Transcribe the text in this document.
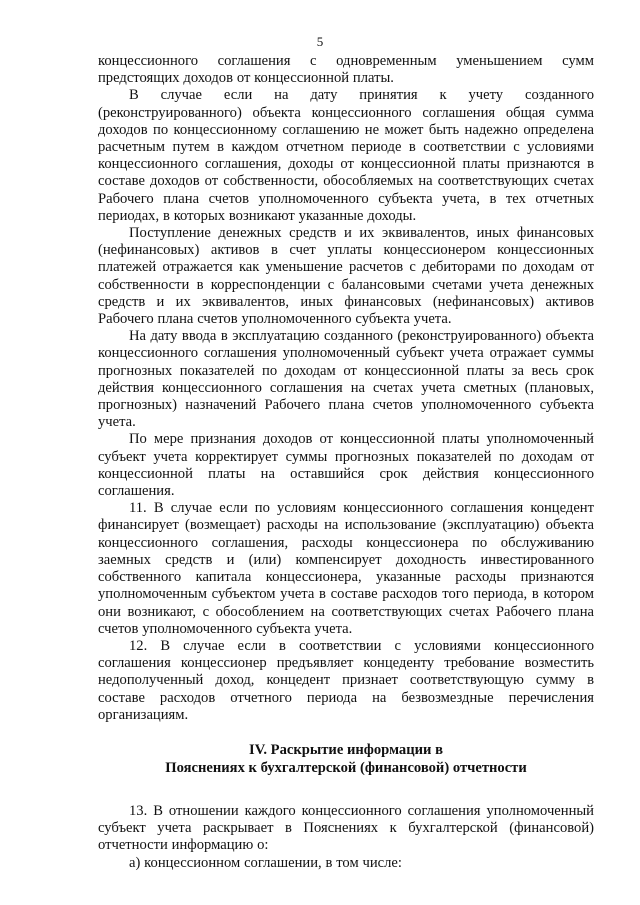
5

концессионного соглашения с одновременным уменьшением сумм предстоящих доходов от концессионной платы.

В случае если на дату принятия к учету созданного (реконструированного) объекта концессионного соглашения общая сумма доходов по концессионному соглашению не может быть надежно определена расчетным путем в каждом отчетном периоде в соответствии с условиями концессионного соглашения, доходы от концессионной платы признаются в составе доходов от собственности, обособляемых на соответствующих счетах Рабочего плана счетов уполномоченного субъекта учета, в тех отчетных периодах, в которых возникают указанные доходы.

Поступление денежных средств и их эквивалентов, иных финансовых (нефинансовых) активов в счет уплаты концессионером концессионных платежей отражается как уменьшение расчетов с дебиторами по доходам от собственности в корреспонденции с балансовыми счетами учета денежных средств и их эквивалентов, иных финансовых (нефинансовых) активов Рабочего плана счетов уполномоченного субъекта учета.

На дату ввода в эксплуатацию созданного (реконструированного) объекта концессионного соглашения уполномоченный субъект учета отражает суммы прогнозных показателей по доходам от концессионной платы за весь срок действия концессионного соглашения на счетах учета сметных (плановых, прогнозных) назначений Рабочего плана счетов уполномоченного субъекта учета.

По мере признания доходов от концессионной платы уполномоченный субъект учета корректирует суммы прогнозных показателей по доходам от концессионной платы на оставшийся срок действия концессионного соглашения.

11. В случае если по условиям концессионного соглашения концедент финансирует (возмещает) расходы на использование (эксплуатацию) объекта концессионного соглашения, расходы концессионера по обслуживанию заемных средств и (или) компенсирует доходность инвестированного собственного капитала концессионера, указанные расходы признаются уполномоченным субъектом учета в составе расходов того периода, в котором они возникают, с обособлением на соответствующих счетах Рабочего плана счетов уполномоченного субъекта учета.

12. В случае если в соответствии с условиями концессионного соглашения концессионер предъявляет концеденту требование возместить недополученный доход, концедент признает соответствующую сумму в составе расходов отчетного периода на безвозмездные перечисления организациям.

IV. Раскрытие информации в
Пояснениях к бухгалтерской (финансовой) отчетности

13. В отношении каждого концессионного соглашения уполномоченный субъект учета раскрывает в Пояснениях к бухгалтерской (финансовой) отчетности информацию о:

а) концессионном соглашении, в том числе:
